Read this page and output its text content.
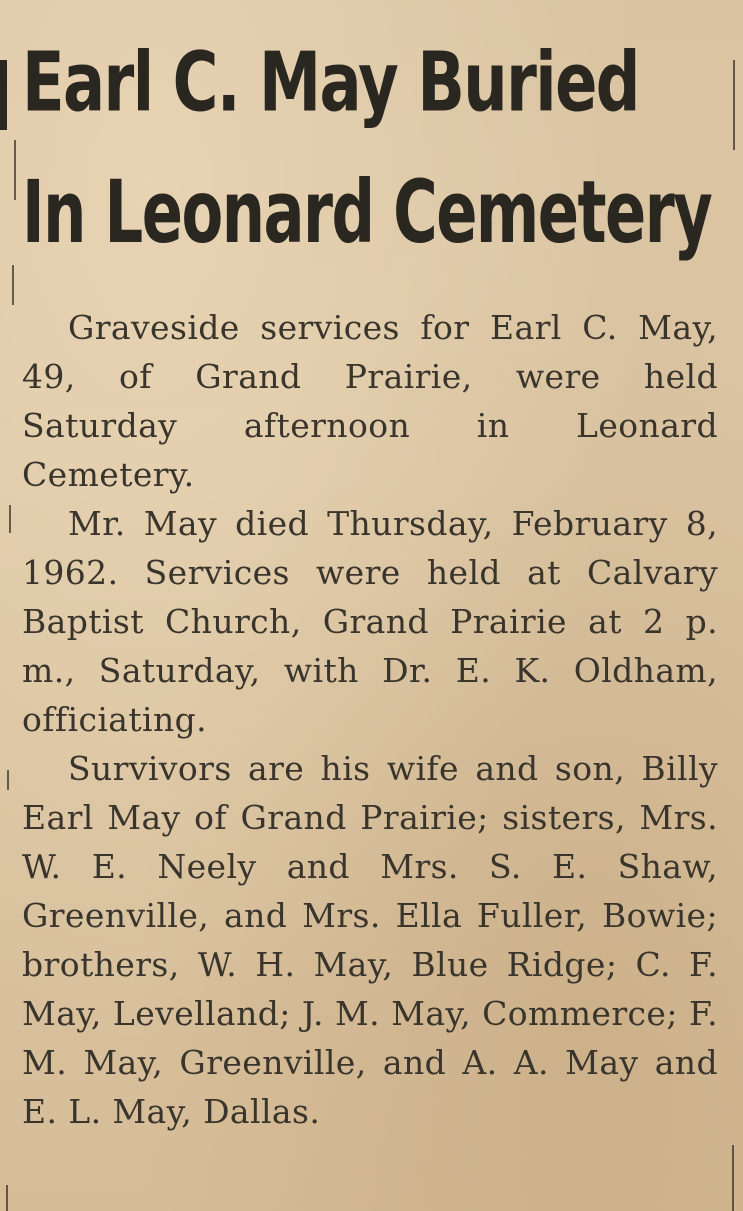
Earl C. May Buried
In Leonard Cemetery

Graveside services for Earl C. May, 49, of Grand Prairie, were held Saturday afternoon in Leonard Cemetery.

Mr. May died Thursday, February 8, 1962. Services were held at Calvary Baptist Church, Grand Prairie at 2 p. m., Saturday, with Dr. E. K. Oldham, officiating.

Survivors are his wife and son, Billy Earl May of Grand Prairie; sisters, Mrs. W. E. Neely and Mrs. S. E. Shaw, Greenville, and Mrs. Ella Fuller, Bowie; brothers, W. H. May, Blue Ridge; C. F. May, Levelland; J. M. May, Commerce; F. M. May, Greenville, and A. A. May and E. L. May, Dallas.
